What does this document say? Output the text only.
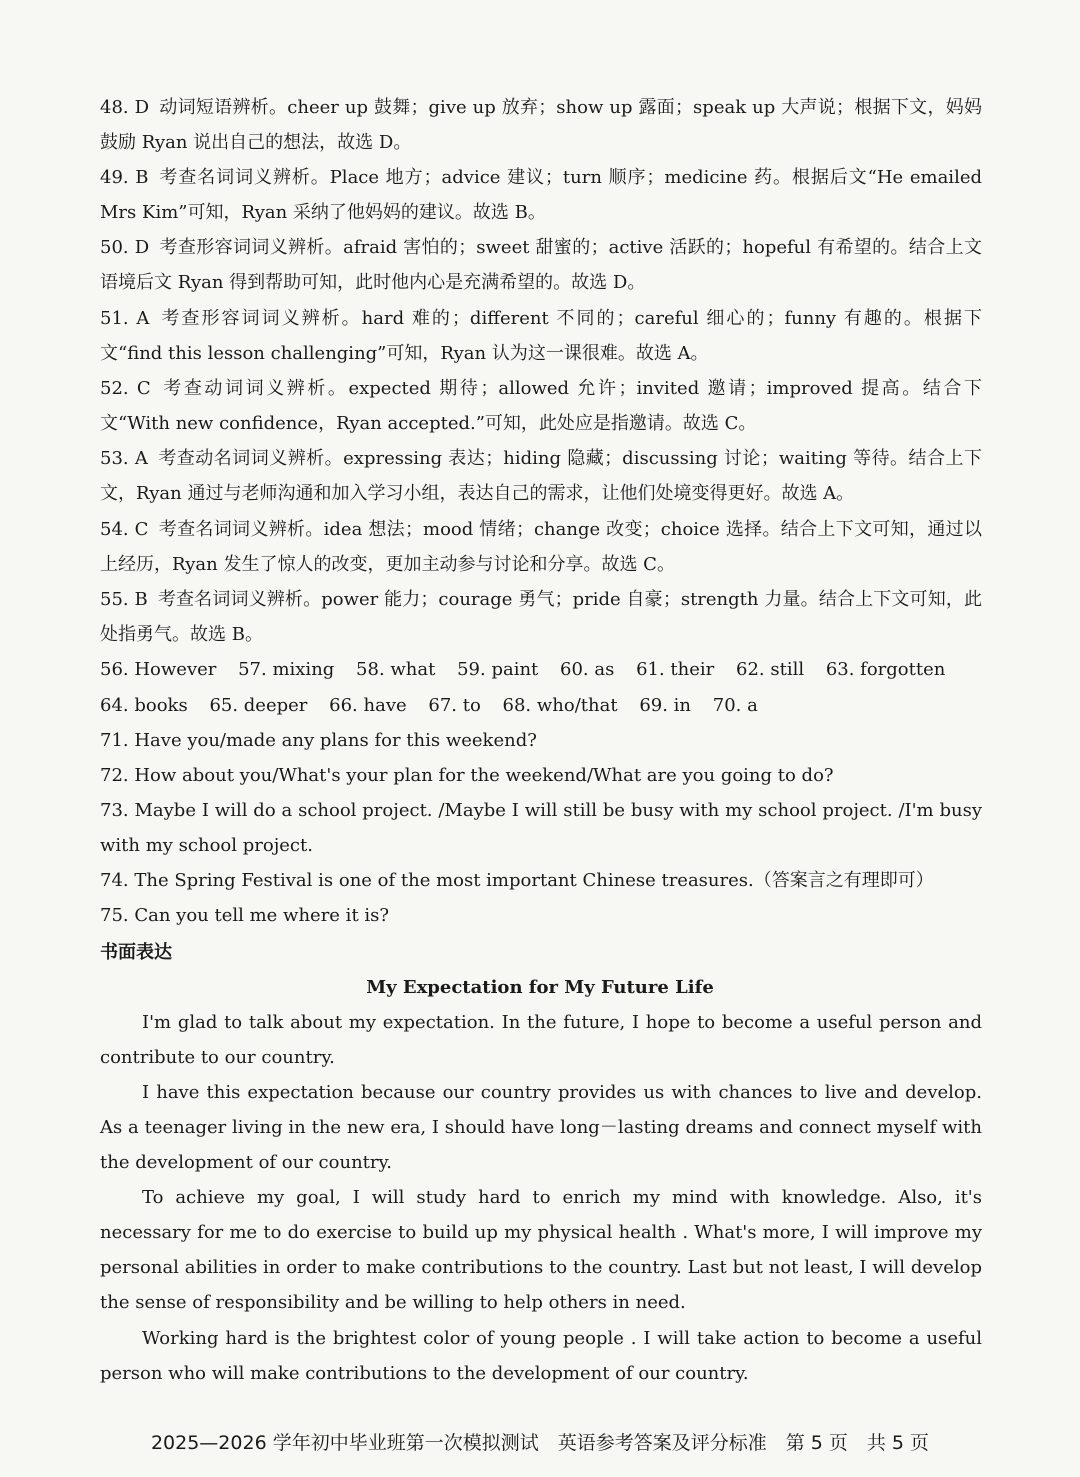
48. D 动词短语辨析。cheer up 鼓舞；give up 放弃；show up 露面；speak up 大声说；根据下文，妈妈鼓励 Ryan 说出自己的想法，故选 D。
49. B 考查名词词义辨析。Place 地方；advice 建议；turn 顺序；medicine 药。根据后文“He emailed Mrs Kim”可知，Ryan 采纳了他妈妈的建议。故选 B。
50. D 考查形容词词义辨析。afraid 害怕的；sweet 甜蜜的；active 活跃的；hopeful 有希望的。结合上文语境后文 Ryan 得到帮助可知，此时他内心是充满希望的。故选 D。
51. A 考查形容词词义辨析。hard 难的；different 不同的；careful 细心的；funny 有趣的。根据下文“find this lesson challenging”可知，Ryan 认为这一课很难。故选 A。
52. C 考查动词词义辨析。expected 期待；allowed 允许；invited 邀请；improved 提高。结合下文“With new confidence，Ryan accepted.”可知，此处应是指邀请。故选 C。
53. A 考查动名词词义辨析。expressing 表达；hiding 隐藏；discussing 讨论；waiting 等待。结合上下文，Ryan 通过与老师沟通和加入学习小组，表达自己的需求，让他们处境变得更好。故选 A。
54. C 考查名词词义辨析。idea 想法；mood 情绪；change 改变；choice 选择。结合上下文可知，通过以上经历，Ryan 发生了惊人的改变，更加主动参与讨论和分享。故选 C。
55. B 考查名词词义辨析。power 能力；courage 勇气；pride 自豪；strength 力量。结合上下文可知，此处指勇气。故选 B。
56. However 57. mixing 58. what 59. paint 60. as 61. their 62. still 63. forgotten
64. books 65. deeper 66. have 67. to 68. who/that 69. in 70. a
71. Have you/made any plans for this weekend?
72. How about you/What's your plan for the weekend/What are you going to do?
73. Maybe I will do a school project. /Maybe I will still be busy with my school project. /I'm busy with my school project.
74. The Spring Festival is one of the most important Chinese treasures.（答案言之有理即可）
75. Can you tell me where it is?
书面表达
My Expectation for My Future Life
I'm glad to talk about my expectation. In the future, I hope to become a useful person and contribute to our country.
I have this expectation because our country provides us with chances to live and develop. As a teenager living in the new era, I should have long－lasting dreams and connect myself with the development of our country.
To achieve my goal, I will study hard to enrich my mind with knowledge. Also, it's necessary for me to do exercise to build up my physical health . What's more, I will improve my personal abilities in order to make contributions to the country. Last but not least, I will develop the sense of responsibility and be willing to help others in need.
Working hard is the brightest color of young people . I will take action to become a useful person who will make contributions to the development of our country.
2025—2026 学年初中毕业班第一次模拟测试　英语参考答案及评分标准　第 5 页　共 5 页
